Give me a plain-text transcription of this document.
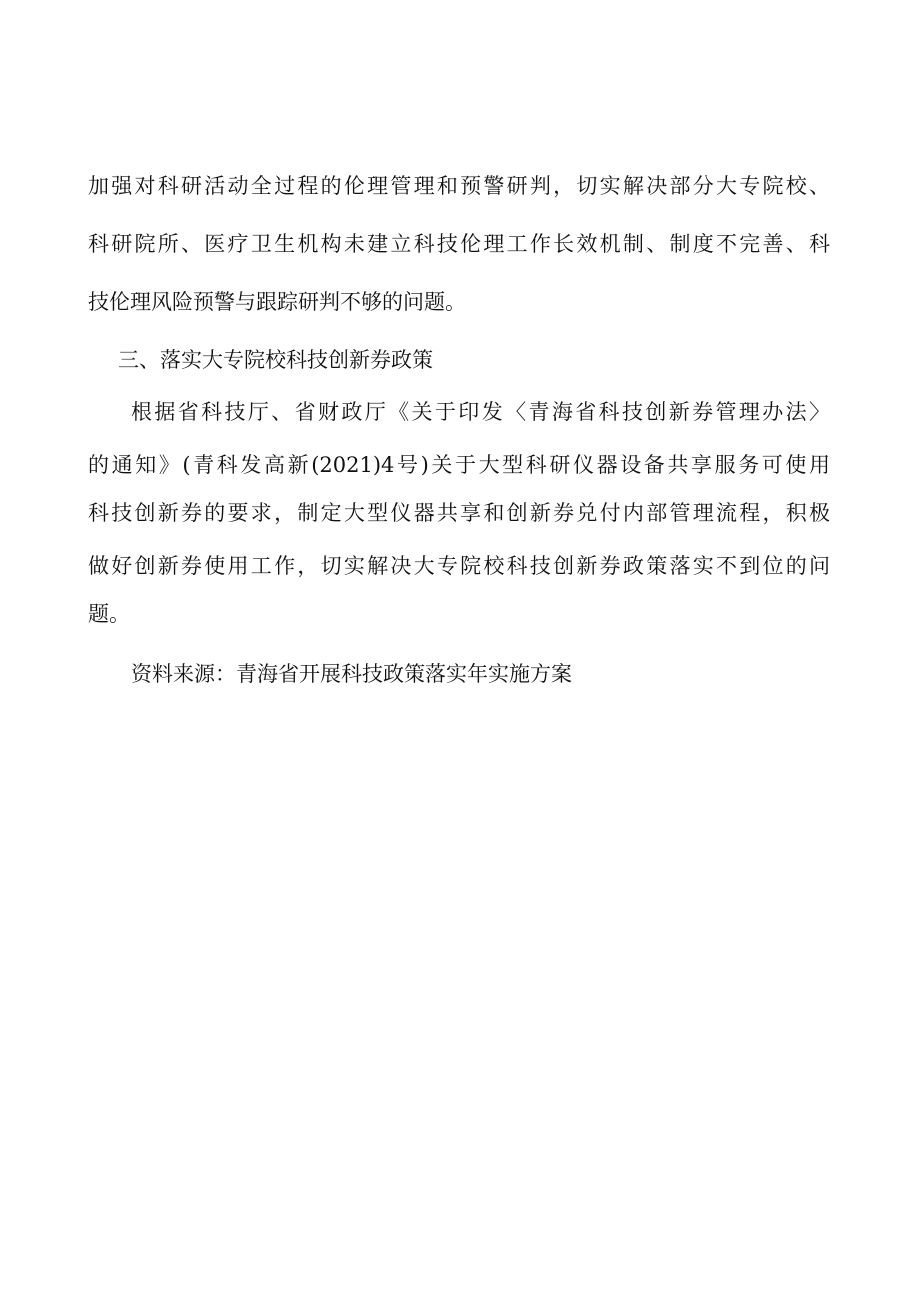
加强对科研活动全过程的伦理管理和预警研判，切实解决部分大专院校、
科研院所、医疗卫生机构未建立科技伦理工作长效机制、制度不完善、科
技伦理风险预警与跟踪研判不够的问题。
三、落实大专院校科技创新券政策
根据省科技厅、省财政厅《关于印发〈青海省科技创新券管理办法〉
的通知》(青科发高新(2021)4号)关于大型科研仪器设备共享服务可使用
科技创新券的要求，制定大型仪器共享和创新券兑付内部管理流程，积极
做好创新券使用工作，切实解决大专院校科技创新券政策落实不到位的问
题。
资料来源：青海省开展科技政策落实年实施方案
